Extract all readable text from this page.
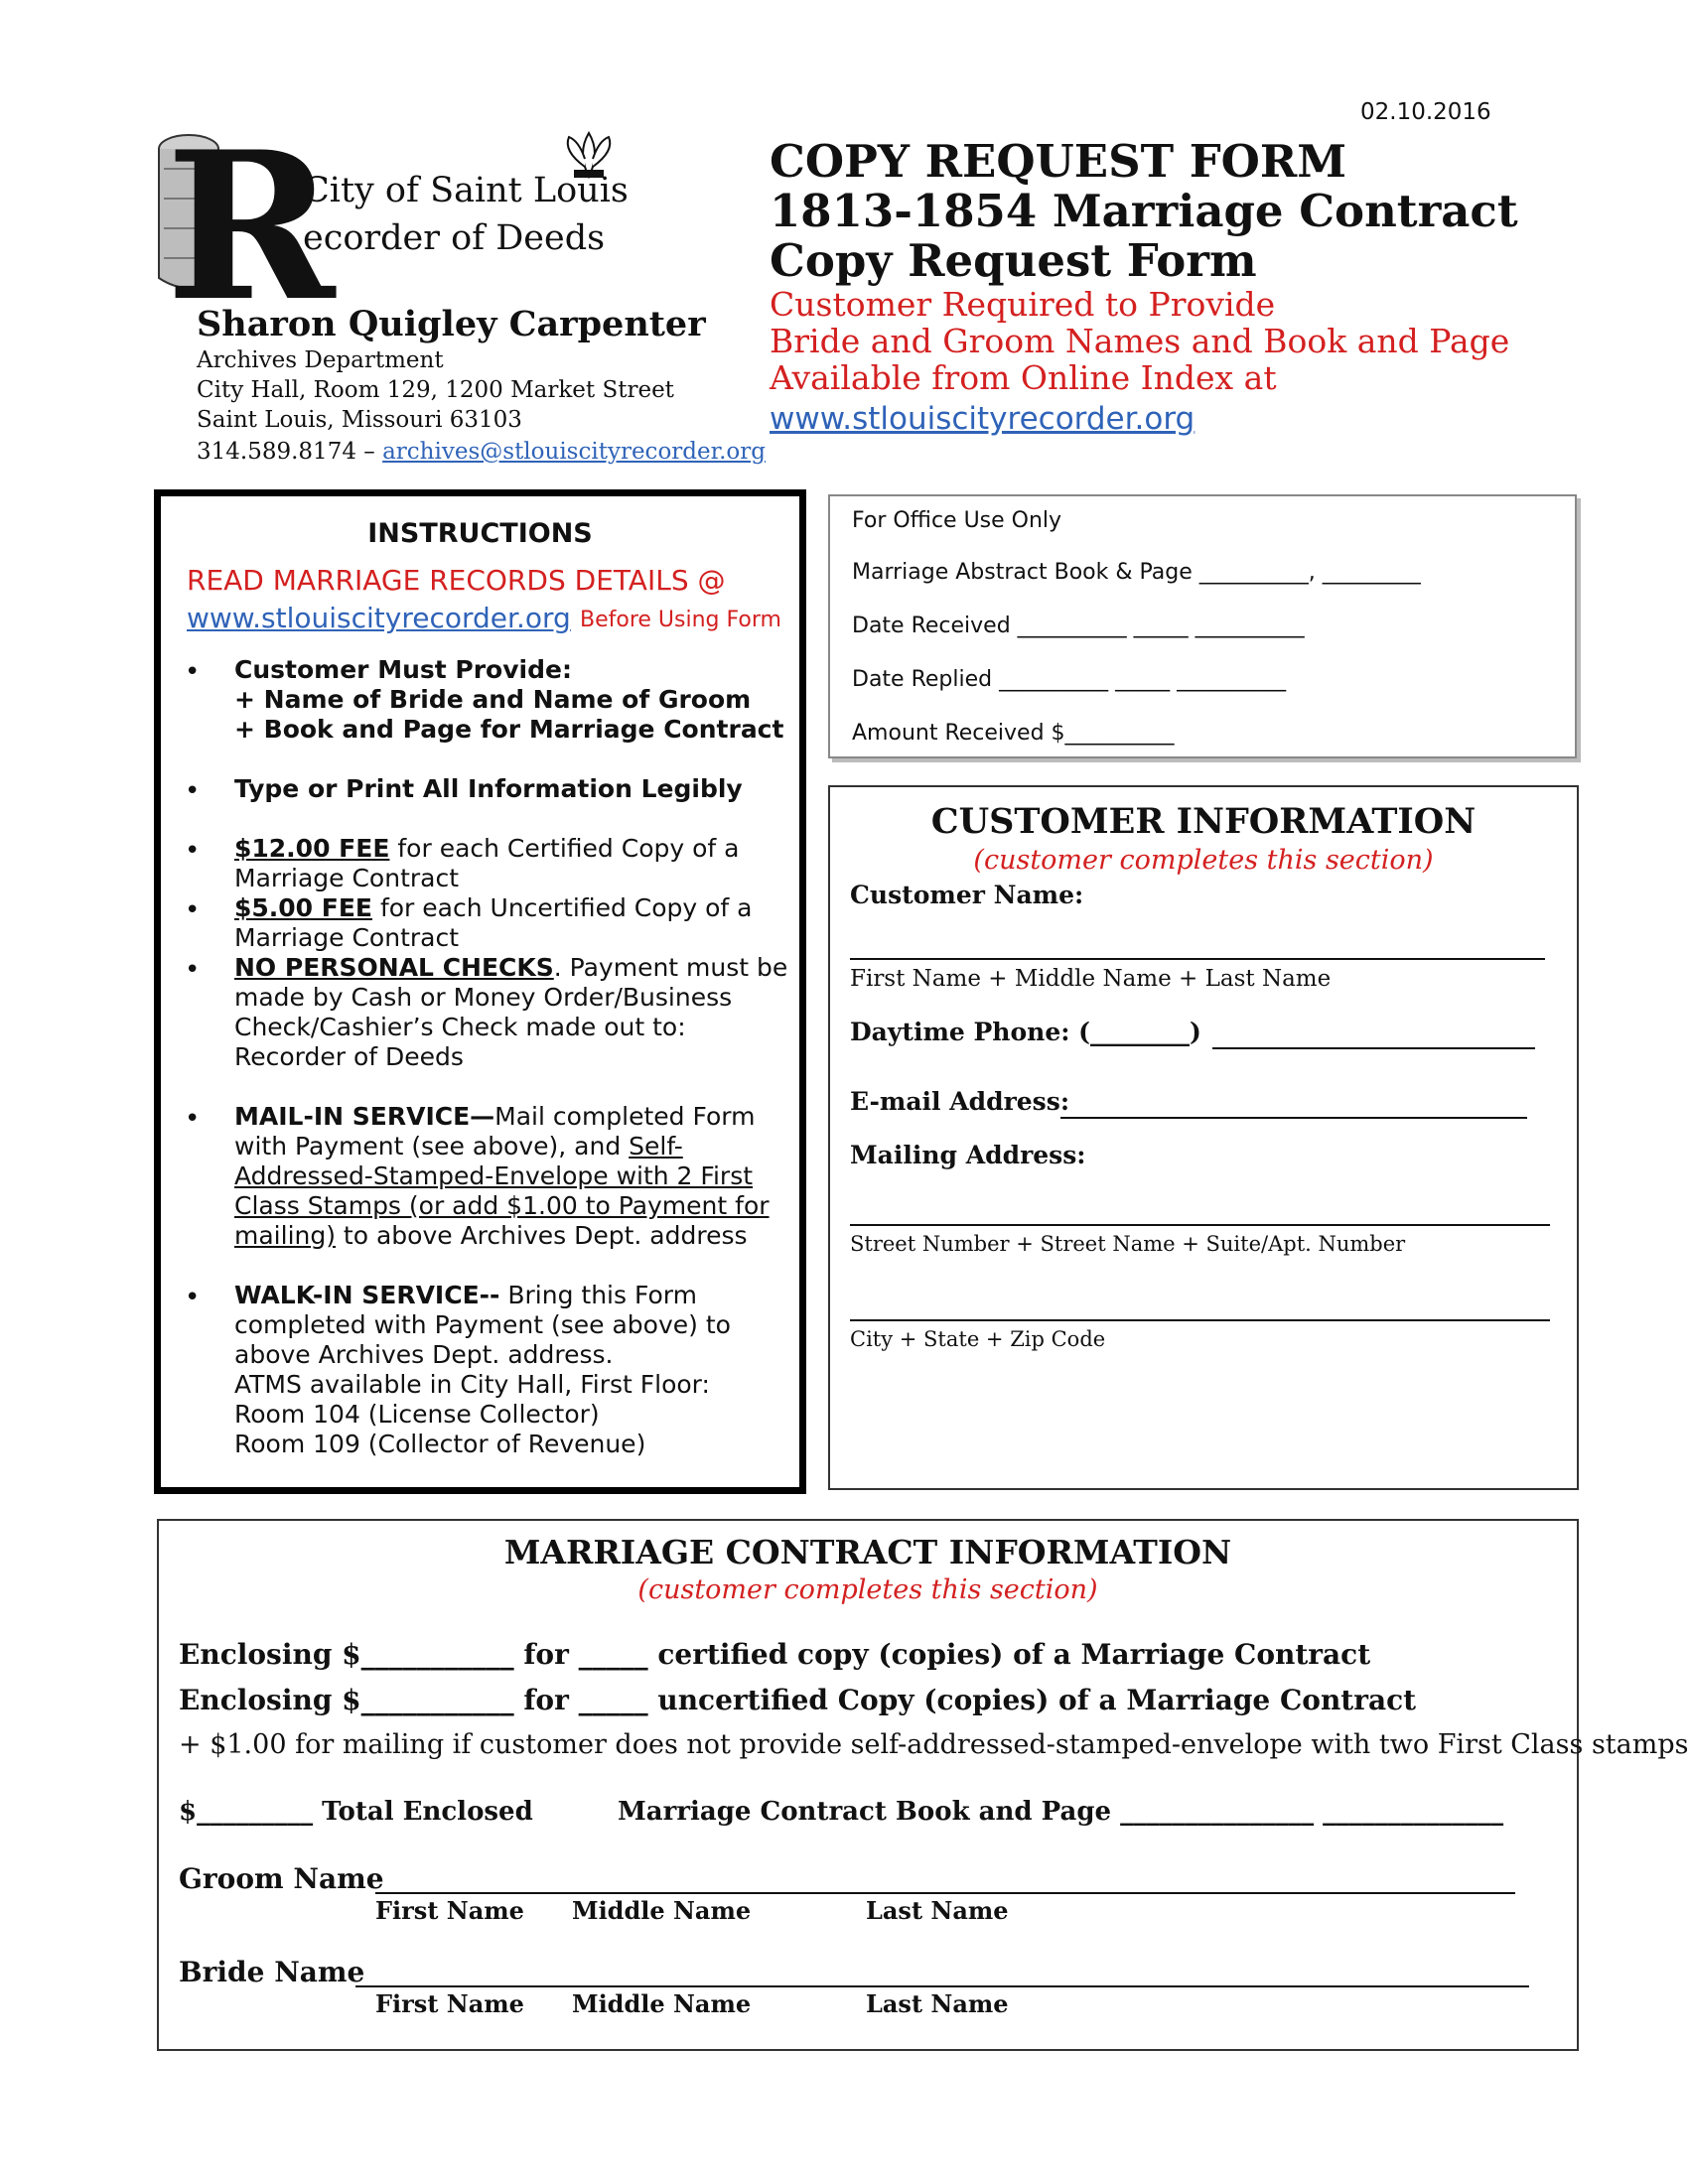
02.10.2016
R
City of Saint Louis
ecorder of Deeds
Sharon Quigley Carpenter
Archives Department
City Hall, Room 129, 1200 Market Street
Saint Louis, Missouri 63103
314.589.8174 – archives@stlouiscityrecorder.org
COPY REQUEST FORM
1813-1854 Marriage Contract
Copy Request Form
Customer Required to Provide
Bride and Groom Names and Book and Page
Available from Online Index at
www.stlouiscityrecorder.org
INSTRUCTIONS
READ MARRIAGE RECORDS DETAILS @
www.stlouiscityrecorder.org Before Using Form
• Customer Must Provide:
+ Name of Bride and Name of Groom
+ Book and Page for Marriage Contract
• Type or Print All Information Legibly
• $12.00 FEE for each Certified Copy of a Marriage Contract
• $5.00 FEE for each Uncertified Copy of a Marriage Contract
• NO PERSONAL CHECKS. Payment must be made by Cash or Money Order/Business Check/Cashier’s Check made out to: Recorder of Deeds
• MAIL-IN SERVICE—Mail completed Form with Payment (see above), and Self-Addressed-Stamped-Envelope with 2 First Class Stamps (or add $1.00 to Payment for mailing) to above Archives Dept. address
• WALK-IN SERVICE-- Bring this Form completed with Payment (see above) to above Archives Dept. address.
ATMS available in City Hall, First Floor:
Room 104 (License Collector)
Room 109 (Collector of Revenue)
For Office Use Only
Marriage Abstract Book & Page __________, _________
Date Received __________ _____ __________
Date Replied __________ _____ __________
Amount Received $__________
CUSTOMER INFORMATION
(customer completes this section)
Customer Name:
First Name + Middle Name + Last Name
Daytime Phone: (________)
E-mail Address:
Mailing Address:
Street Number + Street Name + Suite/Apt. Number
City + State + Zip Code
MARRIAGE CONTRACT INFORMATION
(customer completes this section)
Enclosing $___________ for _____ certified copy (copies) of a Marriage Contract
Enclosing $___________ for _____ uncertified Copy (copies) of a Marriage Contract
+ $1.00 for mailing if customer does not provide self-addressed-stamped-envelope with two First Class stamps
$_________ Total Enclosed	Marriage Contract Book and Page _______________ ______________
Groom Name
First Name Middle Name	Last Name
Bride Name
First Name Middle Name	Last Name
